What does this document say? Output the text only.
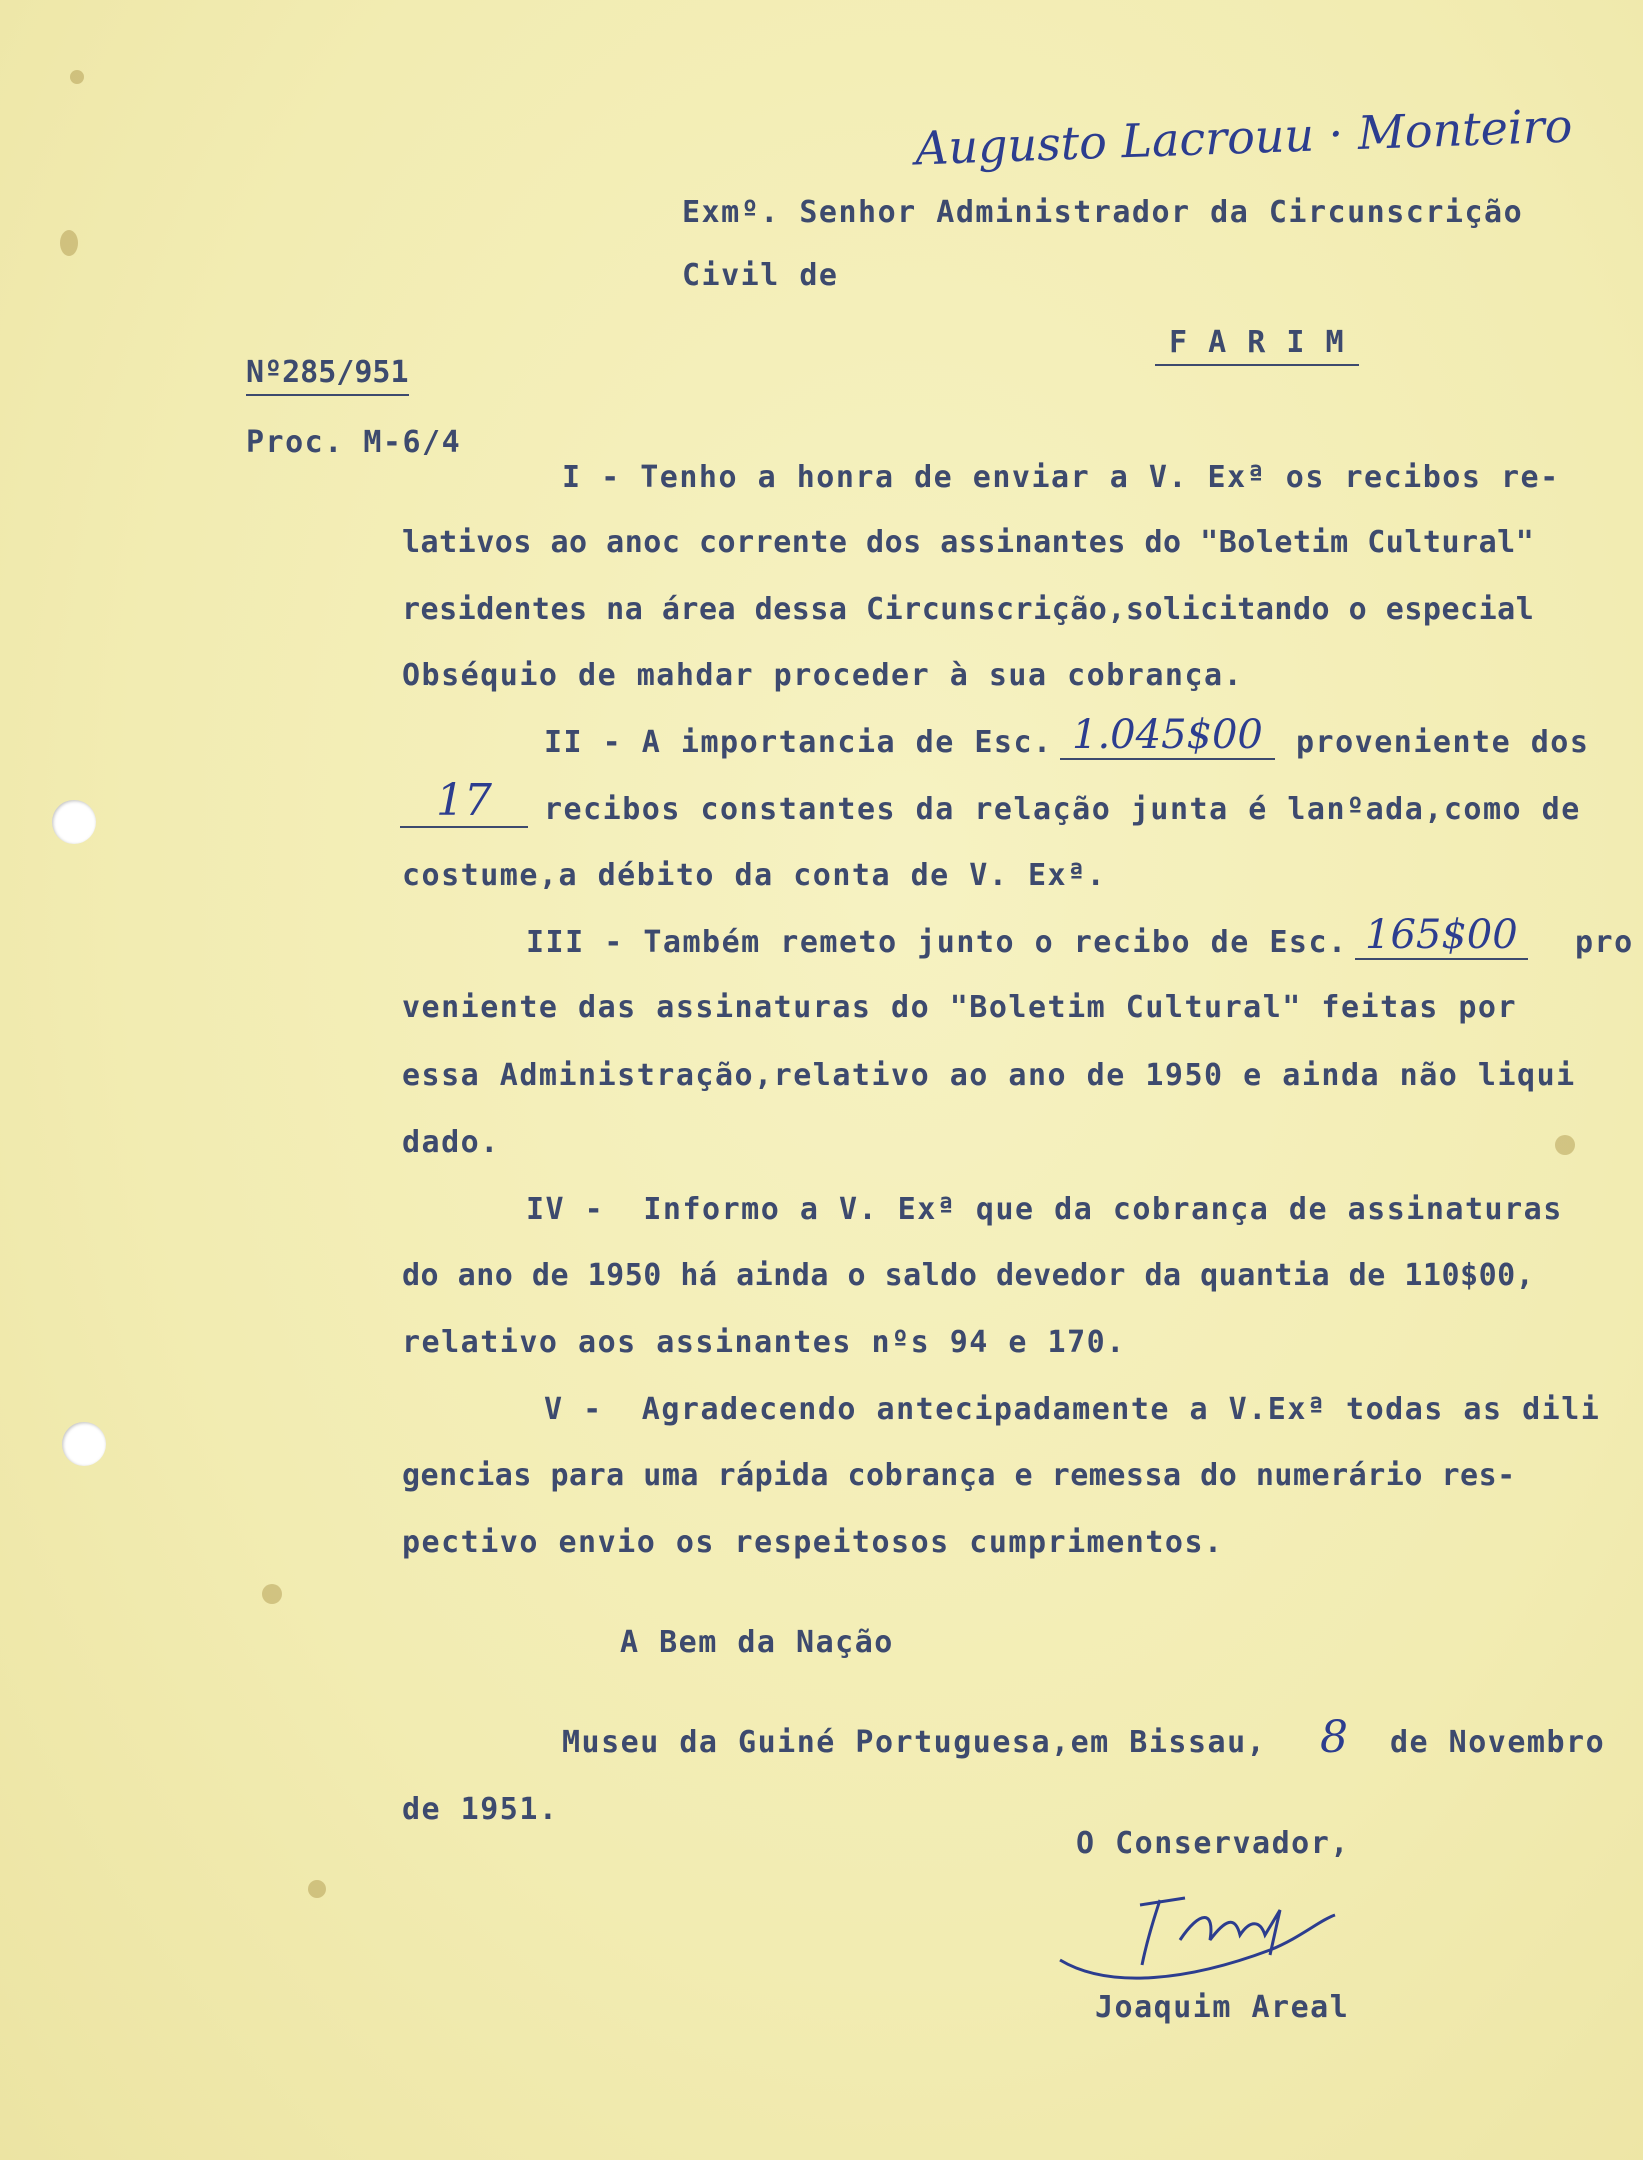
Augusto Lacrouu · Monteiro
Exmº. Senhor Administrador da Circunscrição
Civil de
F A R I M
Nº285/951
Proc. M-6/4
I - Tenho a honra de enviar a V. Exª os recibos re-
lativos ao anoc corrente dos assinantes do "Boletim Cultural"
residentes na área dessa Circunscrição,solicitando o especial
Obséquio de mahdar proceder à sua cobrança.
II - A importancia de Esc. 1.045$00	proveniente dos
17	recibos constantes da relação junta é lanºada,como de
costume,a débito da conta de V. Exª.
III - Também remeto junto o recibo de Esc. 165$00	pro
veniente das assinaturas do "Boletim Cultural" feitas por
essa Administração,relativo ao ano de 1950 e ainda não liqui
dado.
IV -  Informo a V. Exª que da cobrança de assinaturas
do ano de 1950 há ainda o saldo devedor da quantia de 110$00,
relativo aos assinantes nºs 94 e 170.
V -  Agradecendo antecipadamente a V.Exª todas as dili
gencias para uma rápida cobrança e remessa do numerário res-
pectivo envio os respeitosos cumprimentos.
A Bem da Nação
Museu da Guiné Portuguesa,em Bissau, 8 de Novembro
de 1951.
O Conservador,
Joaquim Areal
